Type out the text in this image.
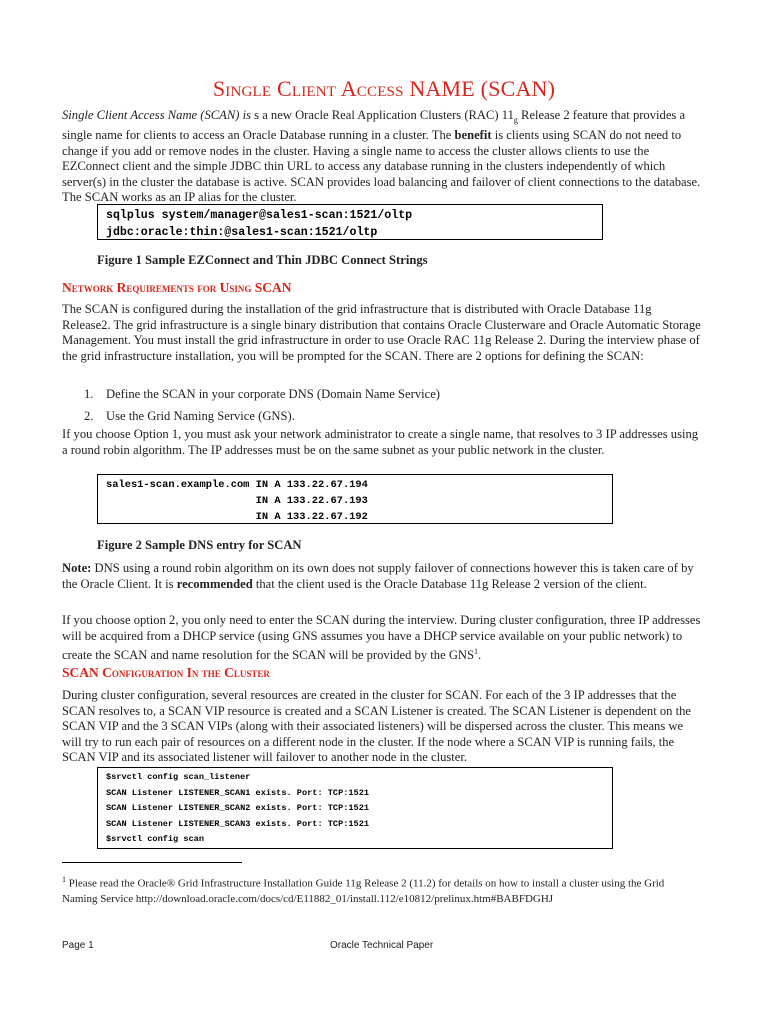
Single Client Access NAME (SCAN)

Single Client Access Name (SCAN) is s a new Oracle Real Application Clusters (RAC) $11_g$ Release 2 feature that provides a single name for clients to access an Oracle Database running in a cluster. The benefit is clients using SCAN do not need to change if you add or remove nodes in the cluster. Having a single name to access the cluster allows clients to use the EZConnect client and the simple JDBC thin URL to access any database running in the clusters independently of which server(s) in the cluster the database is active. SCAN provides load balancing and failover of client connections to the database. The SCAN works as an IP alias for the cluster.

sqlplus system/manager@sales1-scan:1521/oltp
jdbc:oracle:thin:@sales1-scan:1521/oltp
Figure 1 Sample EZConnect and Thin JDBC Connect Strings
Network Requirements for Using SCAN

The SCAN is configured during the installation of the grid infrastructure that is distributed with Oracle Database 11g Release2. The grid infrastructure is a single binary distribution that contains Oracle Clusterware and Oracle Automatic Storage Management. You must install the grid infrastructure in order to use Oracle RAC 11g Release 2. During the interview phase of the grid infrastructure installation, you will be prompted for the SCAN. There are 2 options for defining the SCAN:

1. Define the SCAN in your corporate DNS (Domain Name Service)
2. Use the Grid Naming Service (GNS).

If you choose Option 1, you must ask your network administrator to create a single name, that resolves to 3 IP addresses using a round robin algorithm. The IP addresses must be on the same subnet as your public network in the cluster.

sales1-scan.example.com IN A 133.22.67.194
IN A 133.22.67.193
IN A 133.22.67.192
Figure 2 Sample DNS entry for SCAN

Note: DNS using a round robin algorithm on its own does not supply failover of connections however this is taken care of by the Oracle Client. It is recommended that the client used is the Oracle Database 11g Release 2 version of the client.

If you choose option 2, you only need to enter the SCAN during the interview. During cluster configuration, three IP addresses will be acquired from a DHCP service (using GNS assumes you have a DHCP service available on your public network) to create the SCAN and name resolution for the SCAN will be provided by the GNS$^1$.

SCAN Configuration In the Cluster

During cluster configuration, several resources are created in the cluster for SCAN. For each of the 3 IP addresses that the SCAN resolves to, a SCAN VIP resource is created and a SCAN Listener is created. The SCAN Listener is dependent on the SCAN VIP and the 3 SCAN VIPs (along with their associated listeners) will be dispersed across the cluster. This means we will try to run each pair of resources on a different node in the cluster. If the node where a SCAN VIP is running fails, the SCAN VIP and its associated listener will failover to another node in the cluster.

$srvctl config scan_listener
SCAN Listener LISTENER_SCAN1 exists. Port: TCP:1521
SCAN Listener LISTENER_SCAN2 exists. Port: TCP:1521
SCAN Listener LISTENER_SCAN3 exists. Port: TCP:1521
$srvctl config scan
$^1$ Please read the Oracle® Grid Infrastructure Installation Guide 11g Release 2 (11.2) for details on how to install a cluster using the Grid Naming Service http://download.oracle.com/docs/cd/E11882_01/install.112/e10812/prelinux.htm#BABFDGHJ
Page 1	Oracle Technical Paper
